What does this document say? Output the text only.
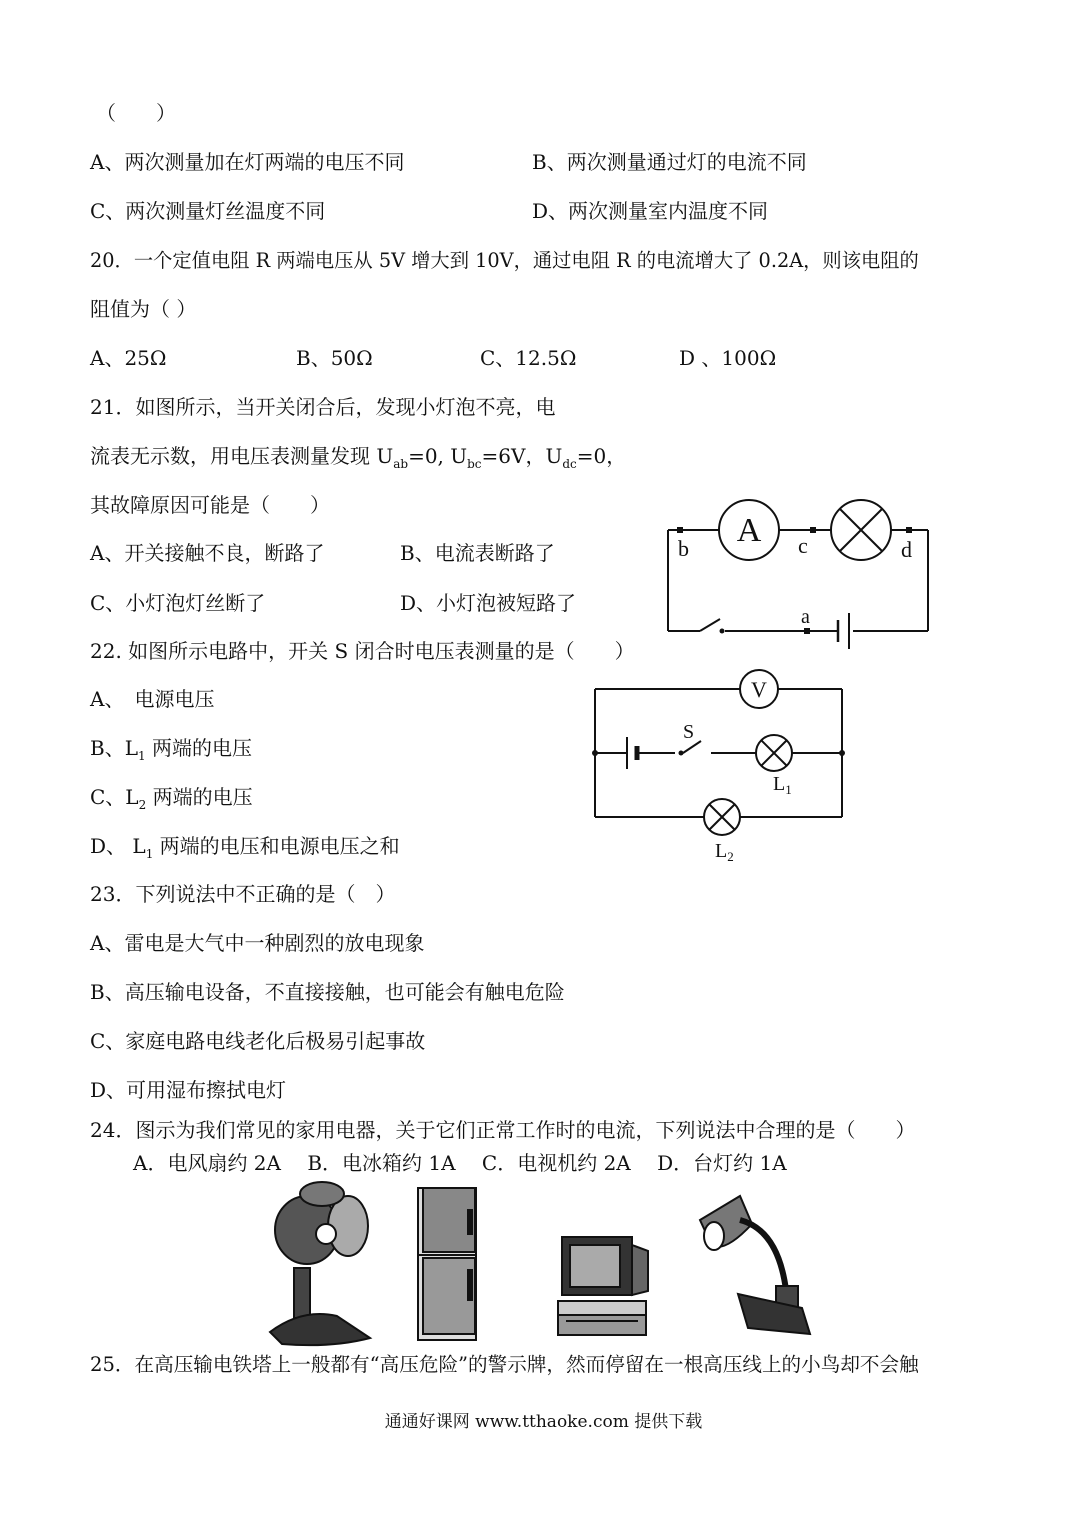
（　　）
A、两次测量加在灯两端的电压不同	B、两次测量通过灯的电流不同
C、两次测量灯丝温度不同	D、两次测量室内温度不同
20．一个定值电阻 R 两端电压从 5V 增大到 10V，通过电阻 R 的电流增大了 0.2A，则该电阻的
阻值为（ ）
A、25Ω	B、50Ω	C、12.5Ω	D 、100Ω
21．如图所示，当开关闭合后，发现小灯泡不亮，电
流表无示数，用电压表测量发现 $U_{ab}=0$, $U_{bc}=6V$，$U_{dc}=0$，
其故障原因可能是（　　）
A、开关接触不良，断路了	B、电流表断路了
C、小灯泡灯丝断了	D、小灯泡被短路了
A
b	c	d
a
22. 如图所示电路中，开关 S 闭合时电压表测量的是（　　）
A、　电源电压
B、$L_1$ 两端的电压
C、$L_2$ 两端的电压
D、 $L_1$ 两端的电压和电源电压之和
V
S
$L_1$
$L_2$
23．下列说法中不正确的是（　）
A、雷电是大气中一种剧烈的放电现象
B、高压输电设备，不直接接触，也可能会有触电危险
C、家庭电路电线老化后极易引起事故
D、可用湿布擦拭电灯
24．图示为我们常见的家用电器，关于它们正常工作时的电流，下列说法中合理的是（　　）
A．电风扇约 2A　 B．电冰箱约 1A　 C．电视机约 2A　 D．台灯约 1A
25．在高压输电铁塔上一般都有“高压危险”的警示牌，然而停留在一根高压线上的小鸟却不会触
通通好课网 www.tthaoke.com 提供下载
